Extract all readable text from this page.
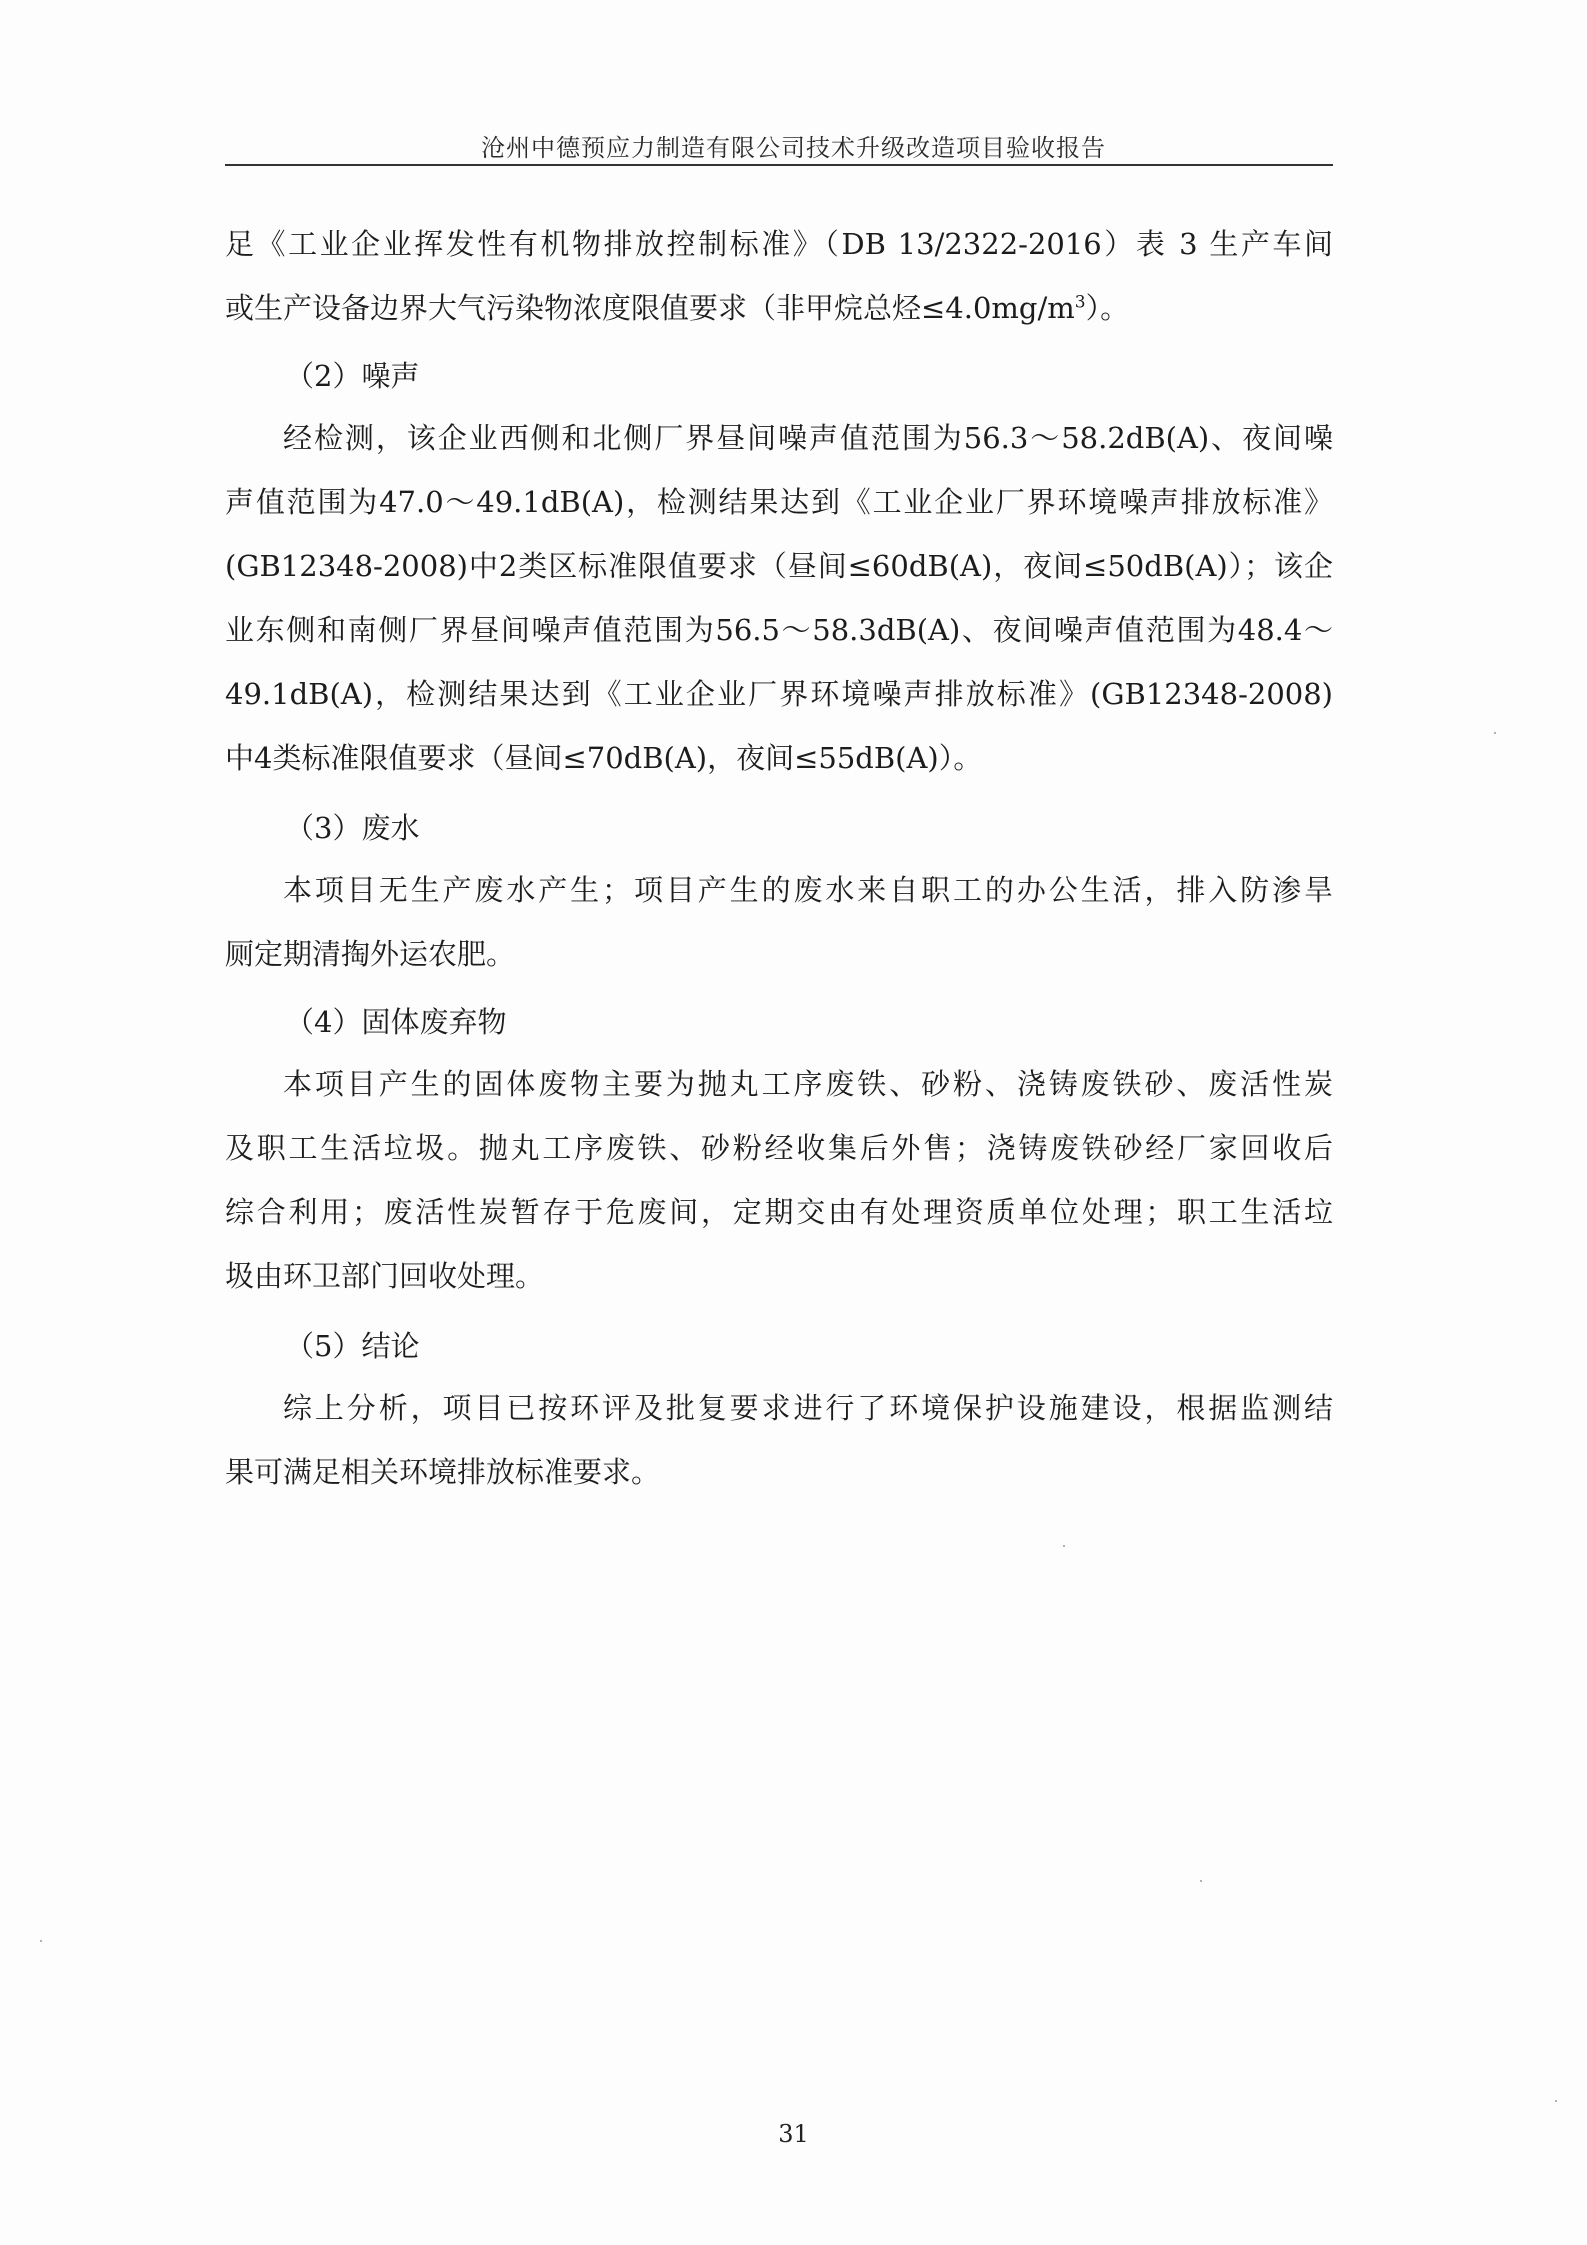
沧州中德预应力制造有限公司技术升级改造项目验收报告
足《工业企业挥发性有机物排放控制标准》（DB 13/2322-2016）表 3 生产车间
或生产设备边界大气污染物浓度限值要求（非甲烷总烃$\le 4.0mg/m^3$）。
（2）噪声
经检测，该企业西侧和北侧厂界昼间噪声值范围为56.3～58.2dB(A)、夜间噪
声值范围为47.0～49.1dB(A)，检测结果达到《工业企业厂界环境噪声排放标准》
(GB12348-2008)中2类区标准限值要求（昼间≤60dB(A)，夜间≤50dB(A)）；该企
业东侧和南侧厂界昼间噪声值范围为56.5～58.3dB(A)、夜间噪声值范围为48.4～
49.1dB(A)，检测结果达到《工业企业厂界环境噪声排放标准》(GB12348-2008)
中4类标准限值要求（昼间≤70dB(A)，夜间≤55dB(A)）。
（3）废水
本项目无生产废水产生；项目产生的废水来自职工的办公生活，排入防渗旱
厕定期清掏外运农肥。
（4）固体废弃物
本项目产生的固体废物主要为抛丸工序废铁、砂粉、浇铸废铁砂、废活性炭
及职工生活垃圾。抛丸工序废铁、砂粉经收集后外售；浇铸废铁砂经厂家回收后
综合利用；废活性炭暂存于危废间，定期交由有处理资质单位处理；职工生活垃
圾由环卫部门回收处理。
（5）结论
综上分析，项目已按环评及批复要求进行了环境保护设施建设，根据监测结
果可满足相关环境排放标准要求。
31
